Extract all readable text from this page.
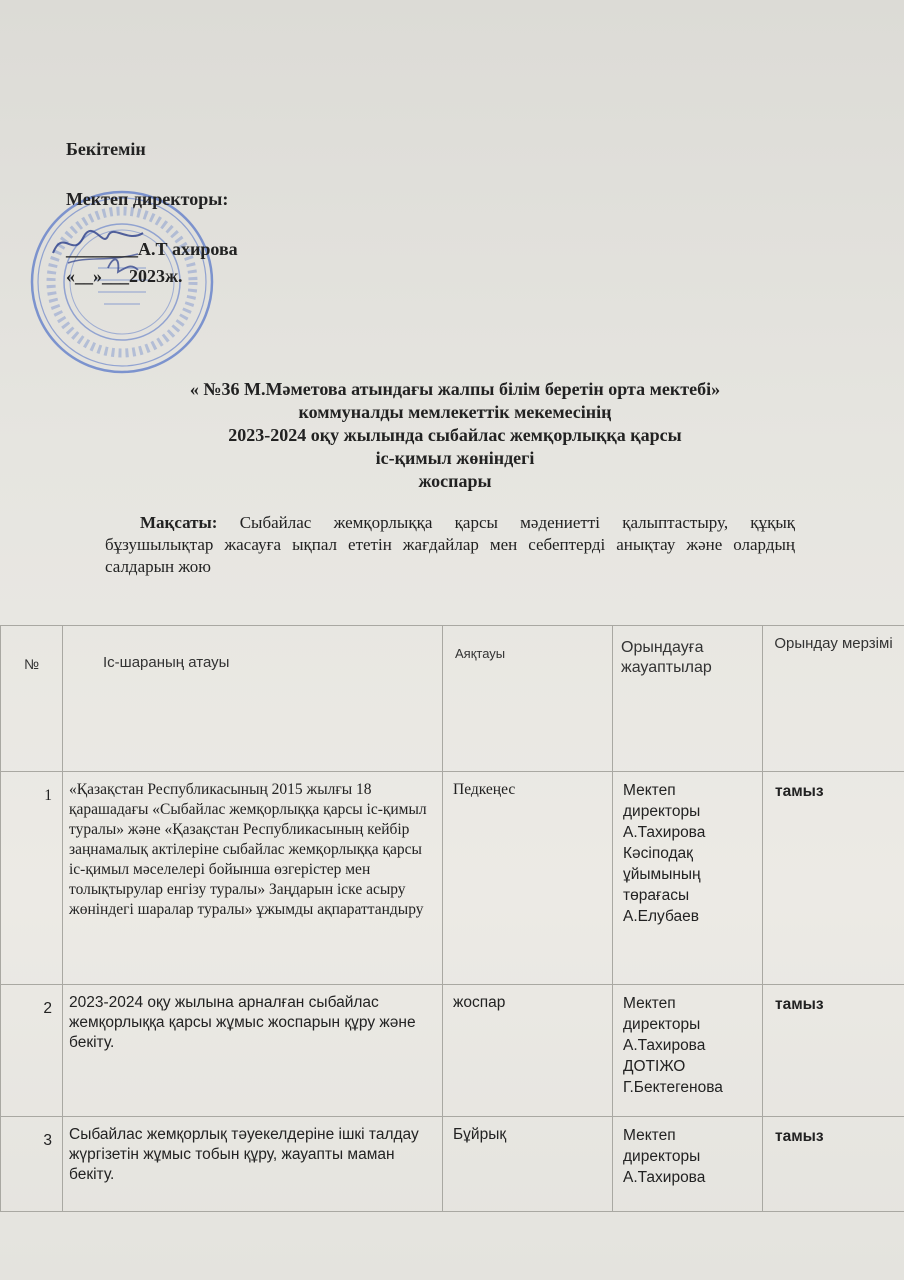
Бекітемін
Мектеп директоры:
________А.Т ахирова
«__»___2023ж.
« №36 М.Мәметова атындағы жалпы білім беретін орта мектебі»
коммуналды мемлекеттік мекемесінің
2023-2024 оқу жылында сыбайлас жемқорлыққа қарсы
іс-қимыл жөніндегі
жоспары
Мақсаты: Сыбайлас жемқорлыққа қарсы мәдениетті қалыптастыру, құқық бұзушылықтар жасауға ықпал ететін жағдайлар мен себептерді анықтау және олардың салдарын жою
№	Іс-шараның атауы	Аяқтауы	Орындауға жауаптылар	Орындау мерзімі
1	«Қазақстан Республикасының 2015 жылғы 18 қарашадағы «Сыбайлас жемқорлыққа қарсы іс-қимыл туралы» және «Қазақстан Республикасының кейбір заңнамалық актілеріне сыбайлас жемқорлыққа қарсы іс-қимыл мәселелері бойынша өзгерістер мен толықтырулар енгізу туралы» Заңдарын іске асыру жөніндегі шаралар туралы» ұжымды ақпараттандыру	Педкеңес	Мектеп директоры А.Тахирова Кәсіподақ ұйымының төрағасы А.Елубаев	тамыз
2	2023-2024 оқу жылына арналған сыбайлас жемқорлыққа қарсы жұмыс жоспарын құру және бекіту.	жоспар	Мектеп директоры А.Тахирова ДОТІЖО Г.Бектегенова	тамыз
3	Сыбайлас жемқорлық тәуекелдеріне ішкі талдау жүргізетін жұмыс тобын құру, жауапты маман бекіту.	Бұйрық	Мектеп директоры А.Тахирова	тамыз
